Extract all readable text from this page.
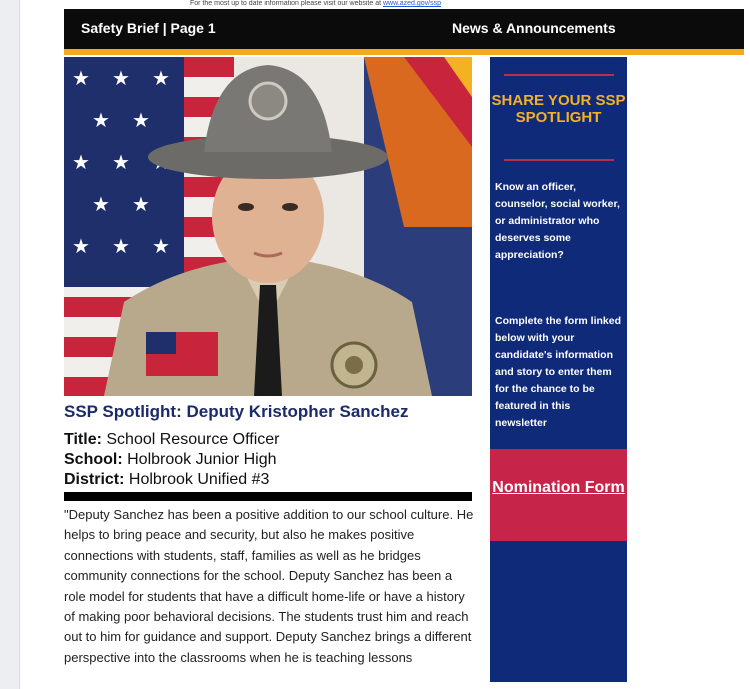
For the most up to date information please visit our website at www.azed.gov/ssp
Safety Brief | Page 1	News & Announcements
★ ★ ★
★ ★
★ ★
★ ★
★ ★ ★
SSP Spotlight: Deputy Kristopher Sanchez
Title: School Resource Officer
School: Holbrook Junior High
District: Holbrook Unified #3
"Deputy Sanchez has been a positive addition to our school culture. He helps to bring peace and security, but also he makes positive connections with students, staff, families as well as he bridges community connections for the school. Deputy Sanchez has been a role model for students that have a difficult home-life or have a history of making poor behavioral decisions. The students trust him and reach out to him for guidance and support. Deputy Sanchez brings a different perspective into the classrooms when he is teaching lessons
SHARE YOUR SSP SPOTLIGHT
Know an officer, counselor, social worker, or administrator who deserves some appreciation?
Complete the form linked below with your candidate's information and story to enter them for the chance to be featured in this newsletter
Nomination Form
